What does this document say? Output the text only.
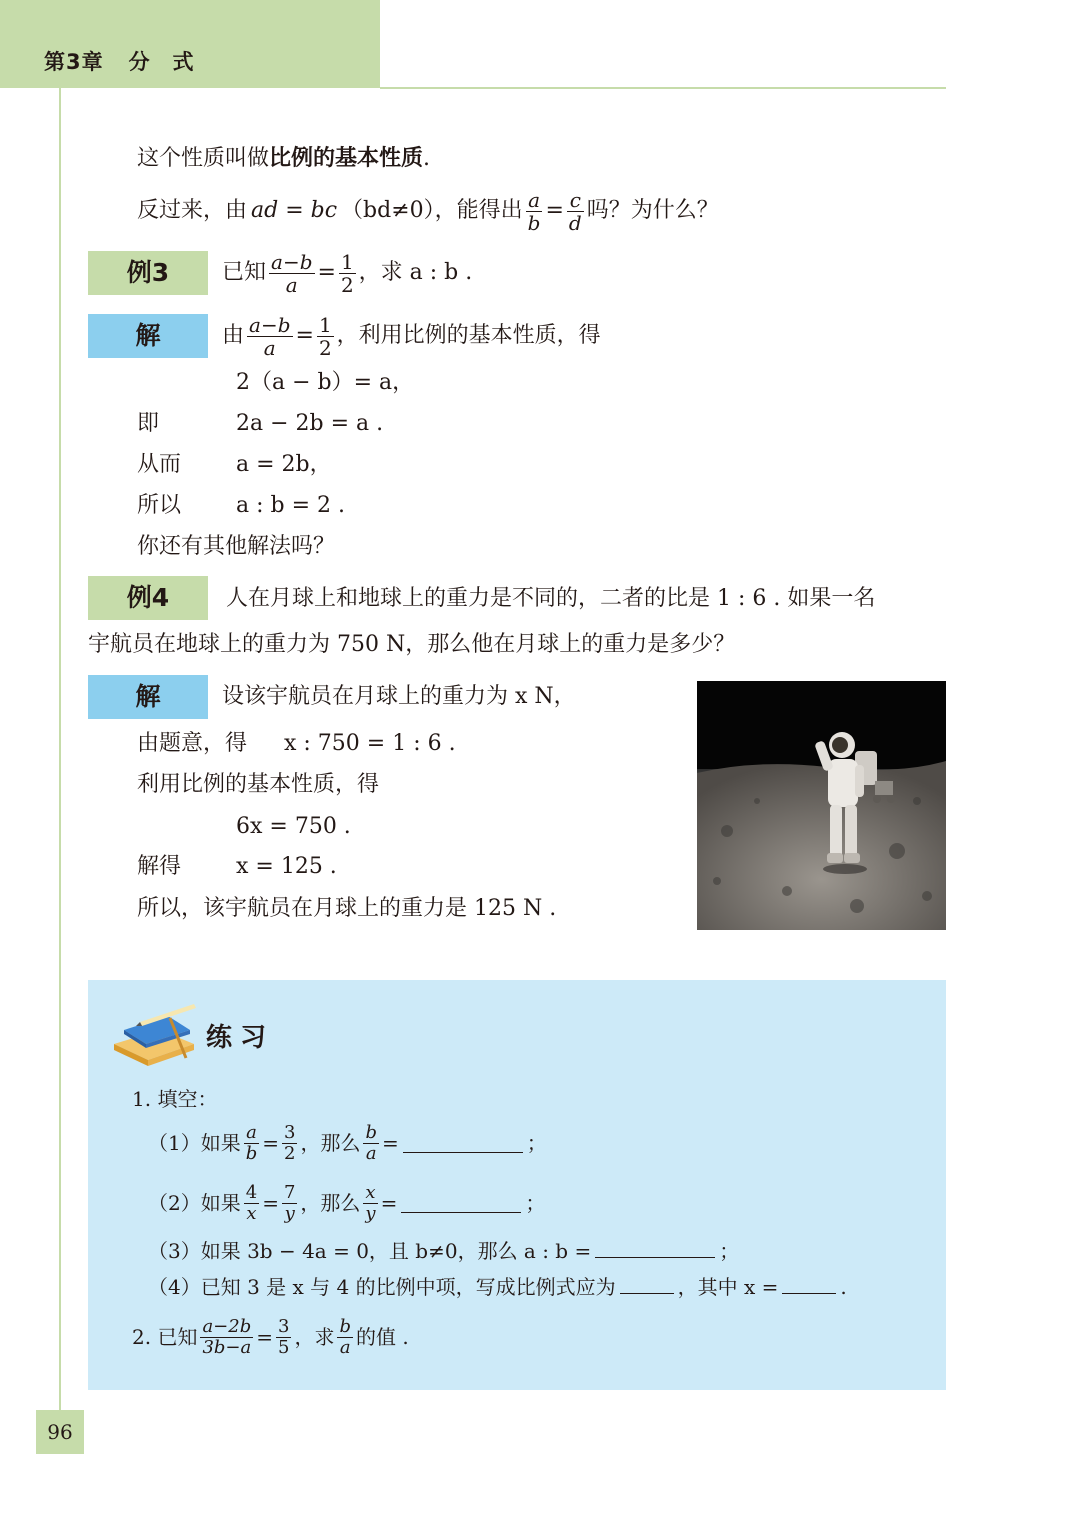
第3章 分　式
这个性质叫做比例的基本性质.
反过来，由 ad = bc （bd≠0），能得出 $\frac{a}{b} = \frac{c}{d}$ 吗？为什么？
例3	已知 $\frac{a-b}{a} = \frac{1}{2}$ ，求 a : b .
解	由 $\frac{a-b}{a} = \frac{1}{2}$ ，利用比例的基本性质，得
2（a − b）= a，
即	2a − 2b = a .
从而 a = 2b，
所以 a : b = 2 .
你还有其他解法吗？
例4	人在月球上和地球上的重力是不同的，二者的比是 1 : 6 . 如果一名
宇航员在地球上的重力为 750 N，那么他在月球上的重力是多少？
解	设该宇航员在月球上的重力为 x N，
由题意，得 x : 750 = 1 : 6 .
利用比例的基本性质，得
6x = 750 .
解得 x = 125 .
所以，该宇航员在月球上的重力是 125 N .
练习
1. 填空：
（1）如果 $\frac{a}{b} = \frac{3}{2}$ ，那么 $\frac{b}{a}$ =	；
（2）如果 $\frac{4}{x} = \frac{7}{y}$ ，那么 $\frac{x}{y}$ =	；
（3）如果 3b − 4a = 0，且 b≠0，那么 a : b =	；
（4）已知 3 是 x 与 4 的比例中项，写成比例式应为	，其中 x =	.
2. 已知 $\frac{a-2b}{3b-a} = \frac{3}{5}$ ，求 $\frac{b}{a}$ 的值 .
96
